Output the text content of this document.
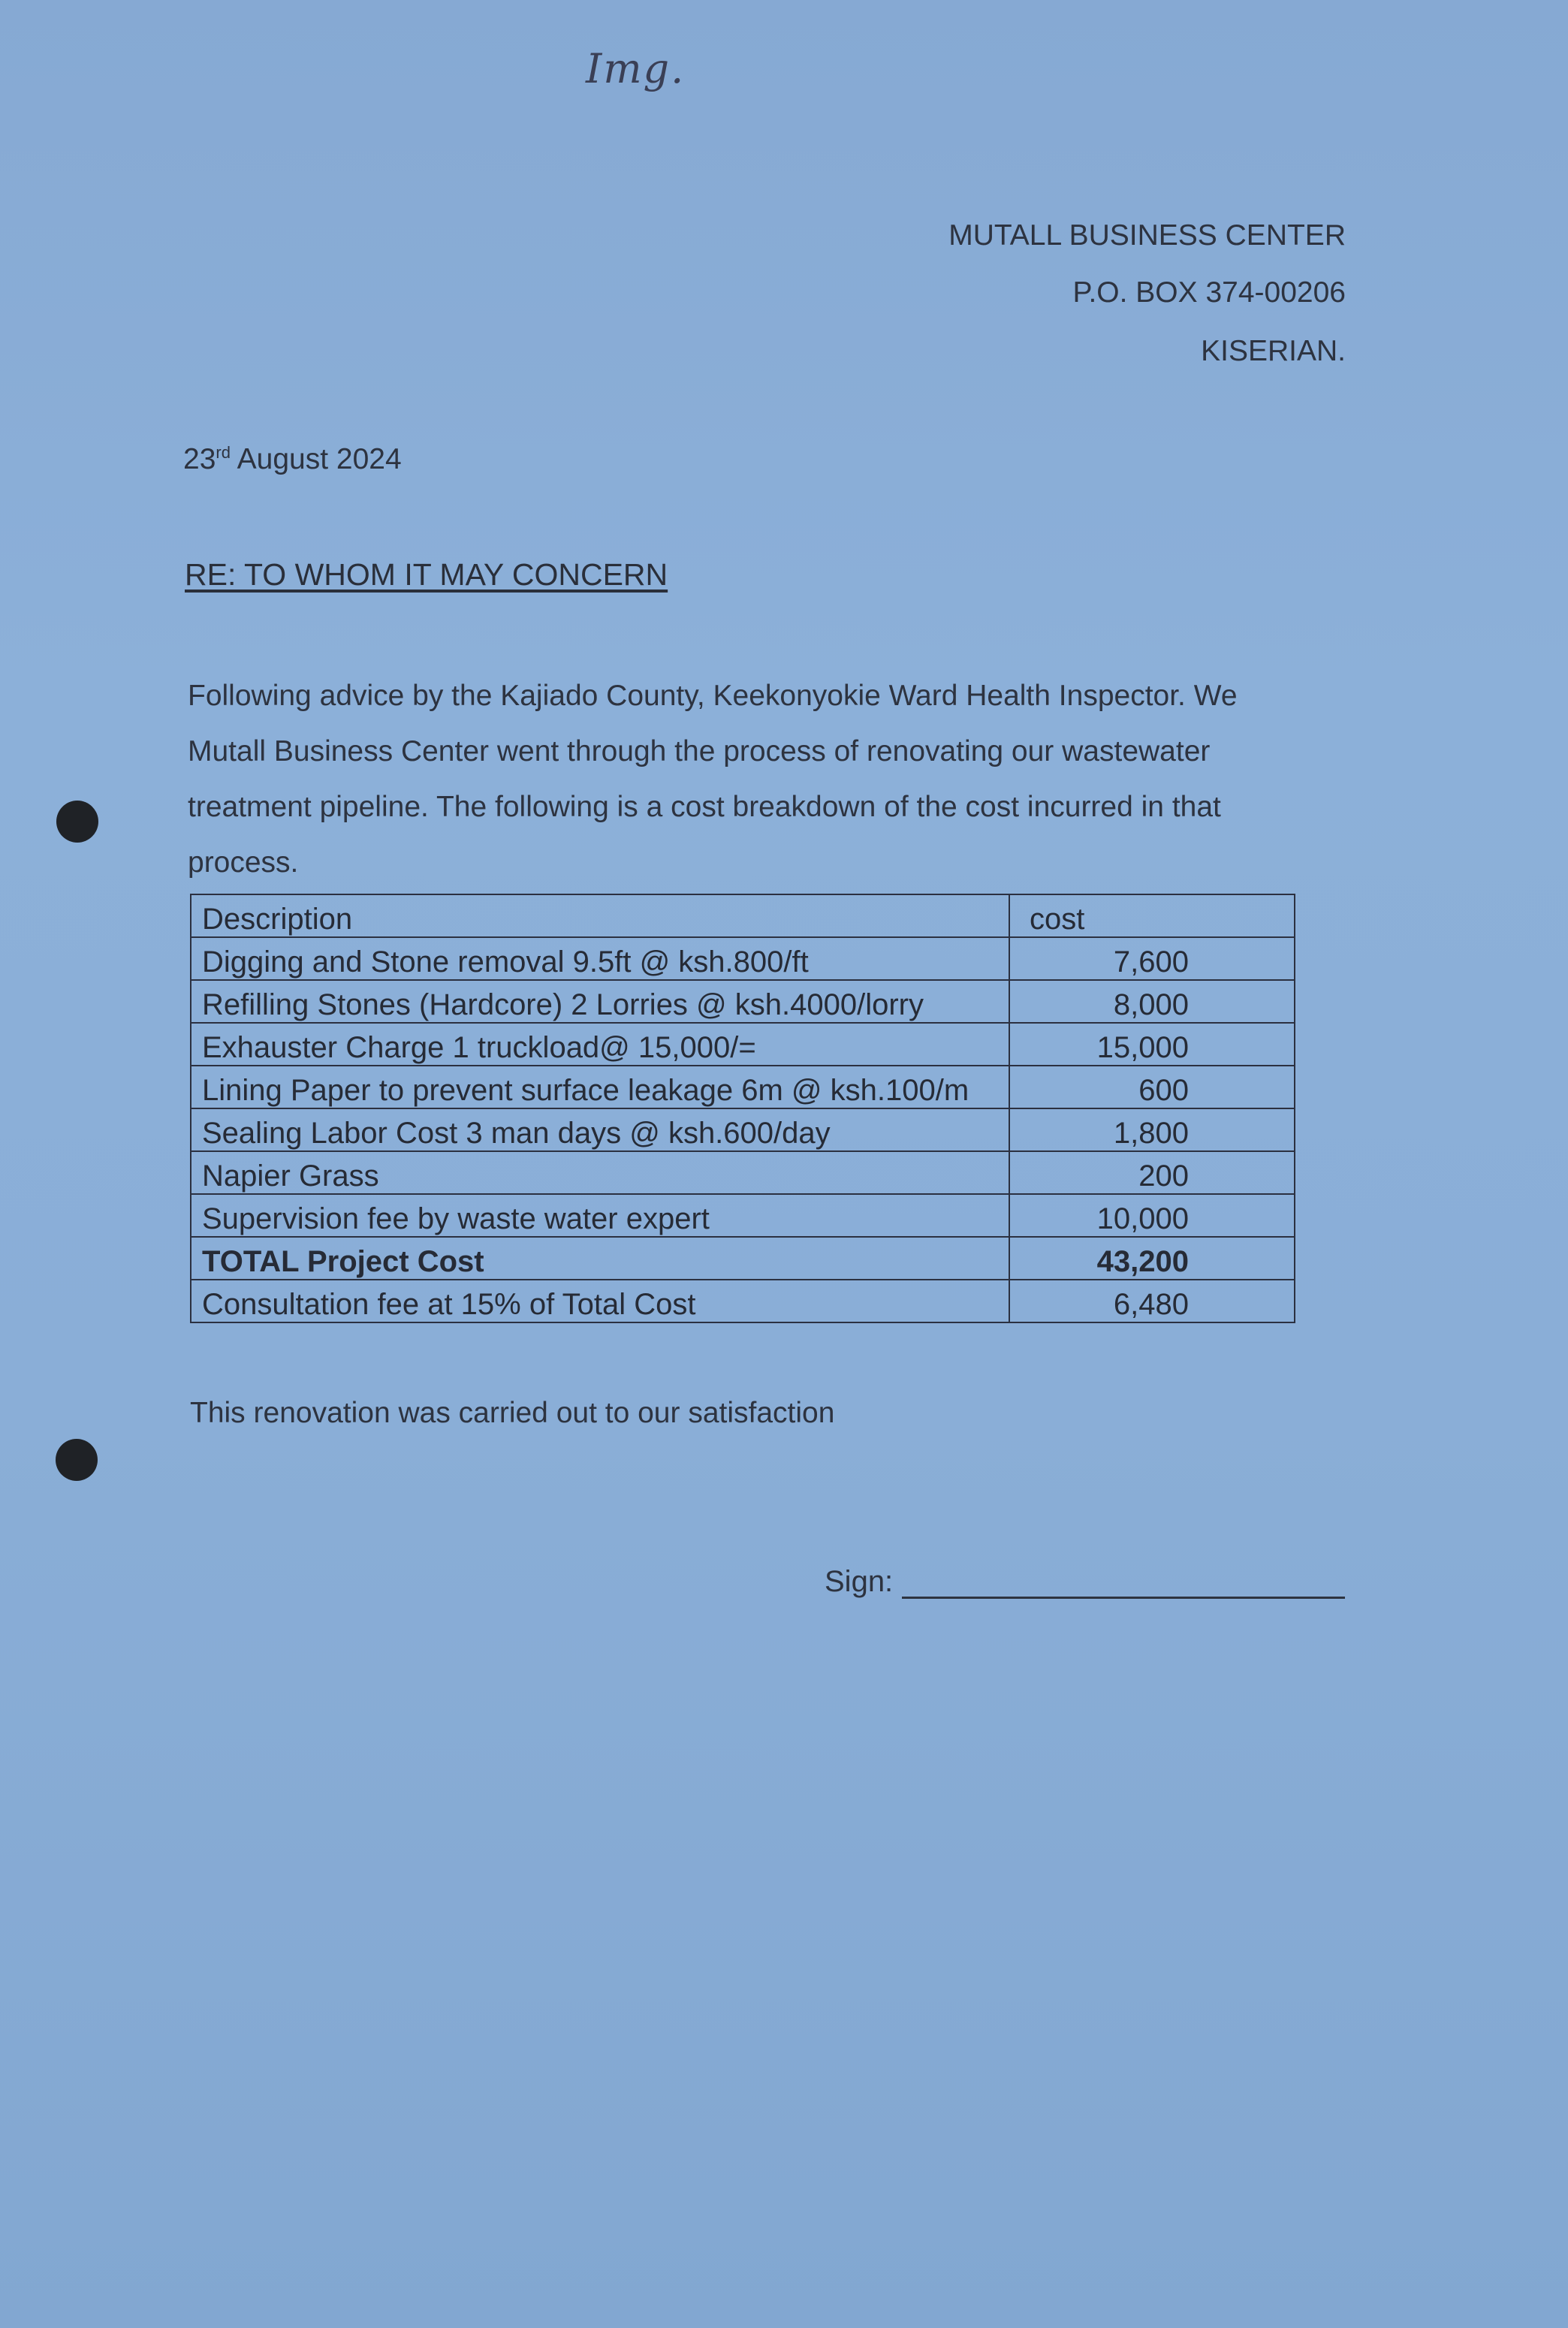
Img.
MUTALL BUSINESS CENTER
P.O. BOX 374-00206
KISERIAN.
23rd August 2024
RE: TO WHOM IT MAY CONCERN
Following advice by the Kajiado County, Keekonyokie Ward Health Inspector. We Mutall Business Center went through the process of renovating our wastewater treatment pipeline. The following is a cost breakdown of the cost incurred in that process.
Description	cost
Digging and Stone removal 9.5ft @ ksh.800/ft	7,600
Refilling Stones (Hardcore) 2 Lorries @ ksh.4000/lorry	8,000
Exhauster Charge 1 truckload@ 15,000/=	15,000
Lining Paper to prevent surface leakage 6m @ ksh.100/m	600
Sealing Labor Cost 3 man days @ ksh.600/day	1,800
Napier Grass	200
Supervision fee by waste water expert	10,000
TOTAL Project Cost	43,200
Consultation fee at 15% of Total Cost	6,480
This renovation was carried out to our satisfaction
Sign:
